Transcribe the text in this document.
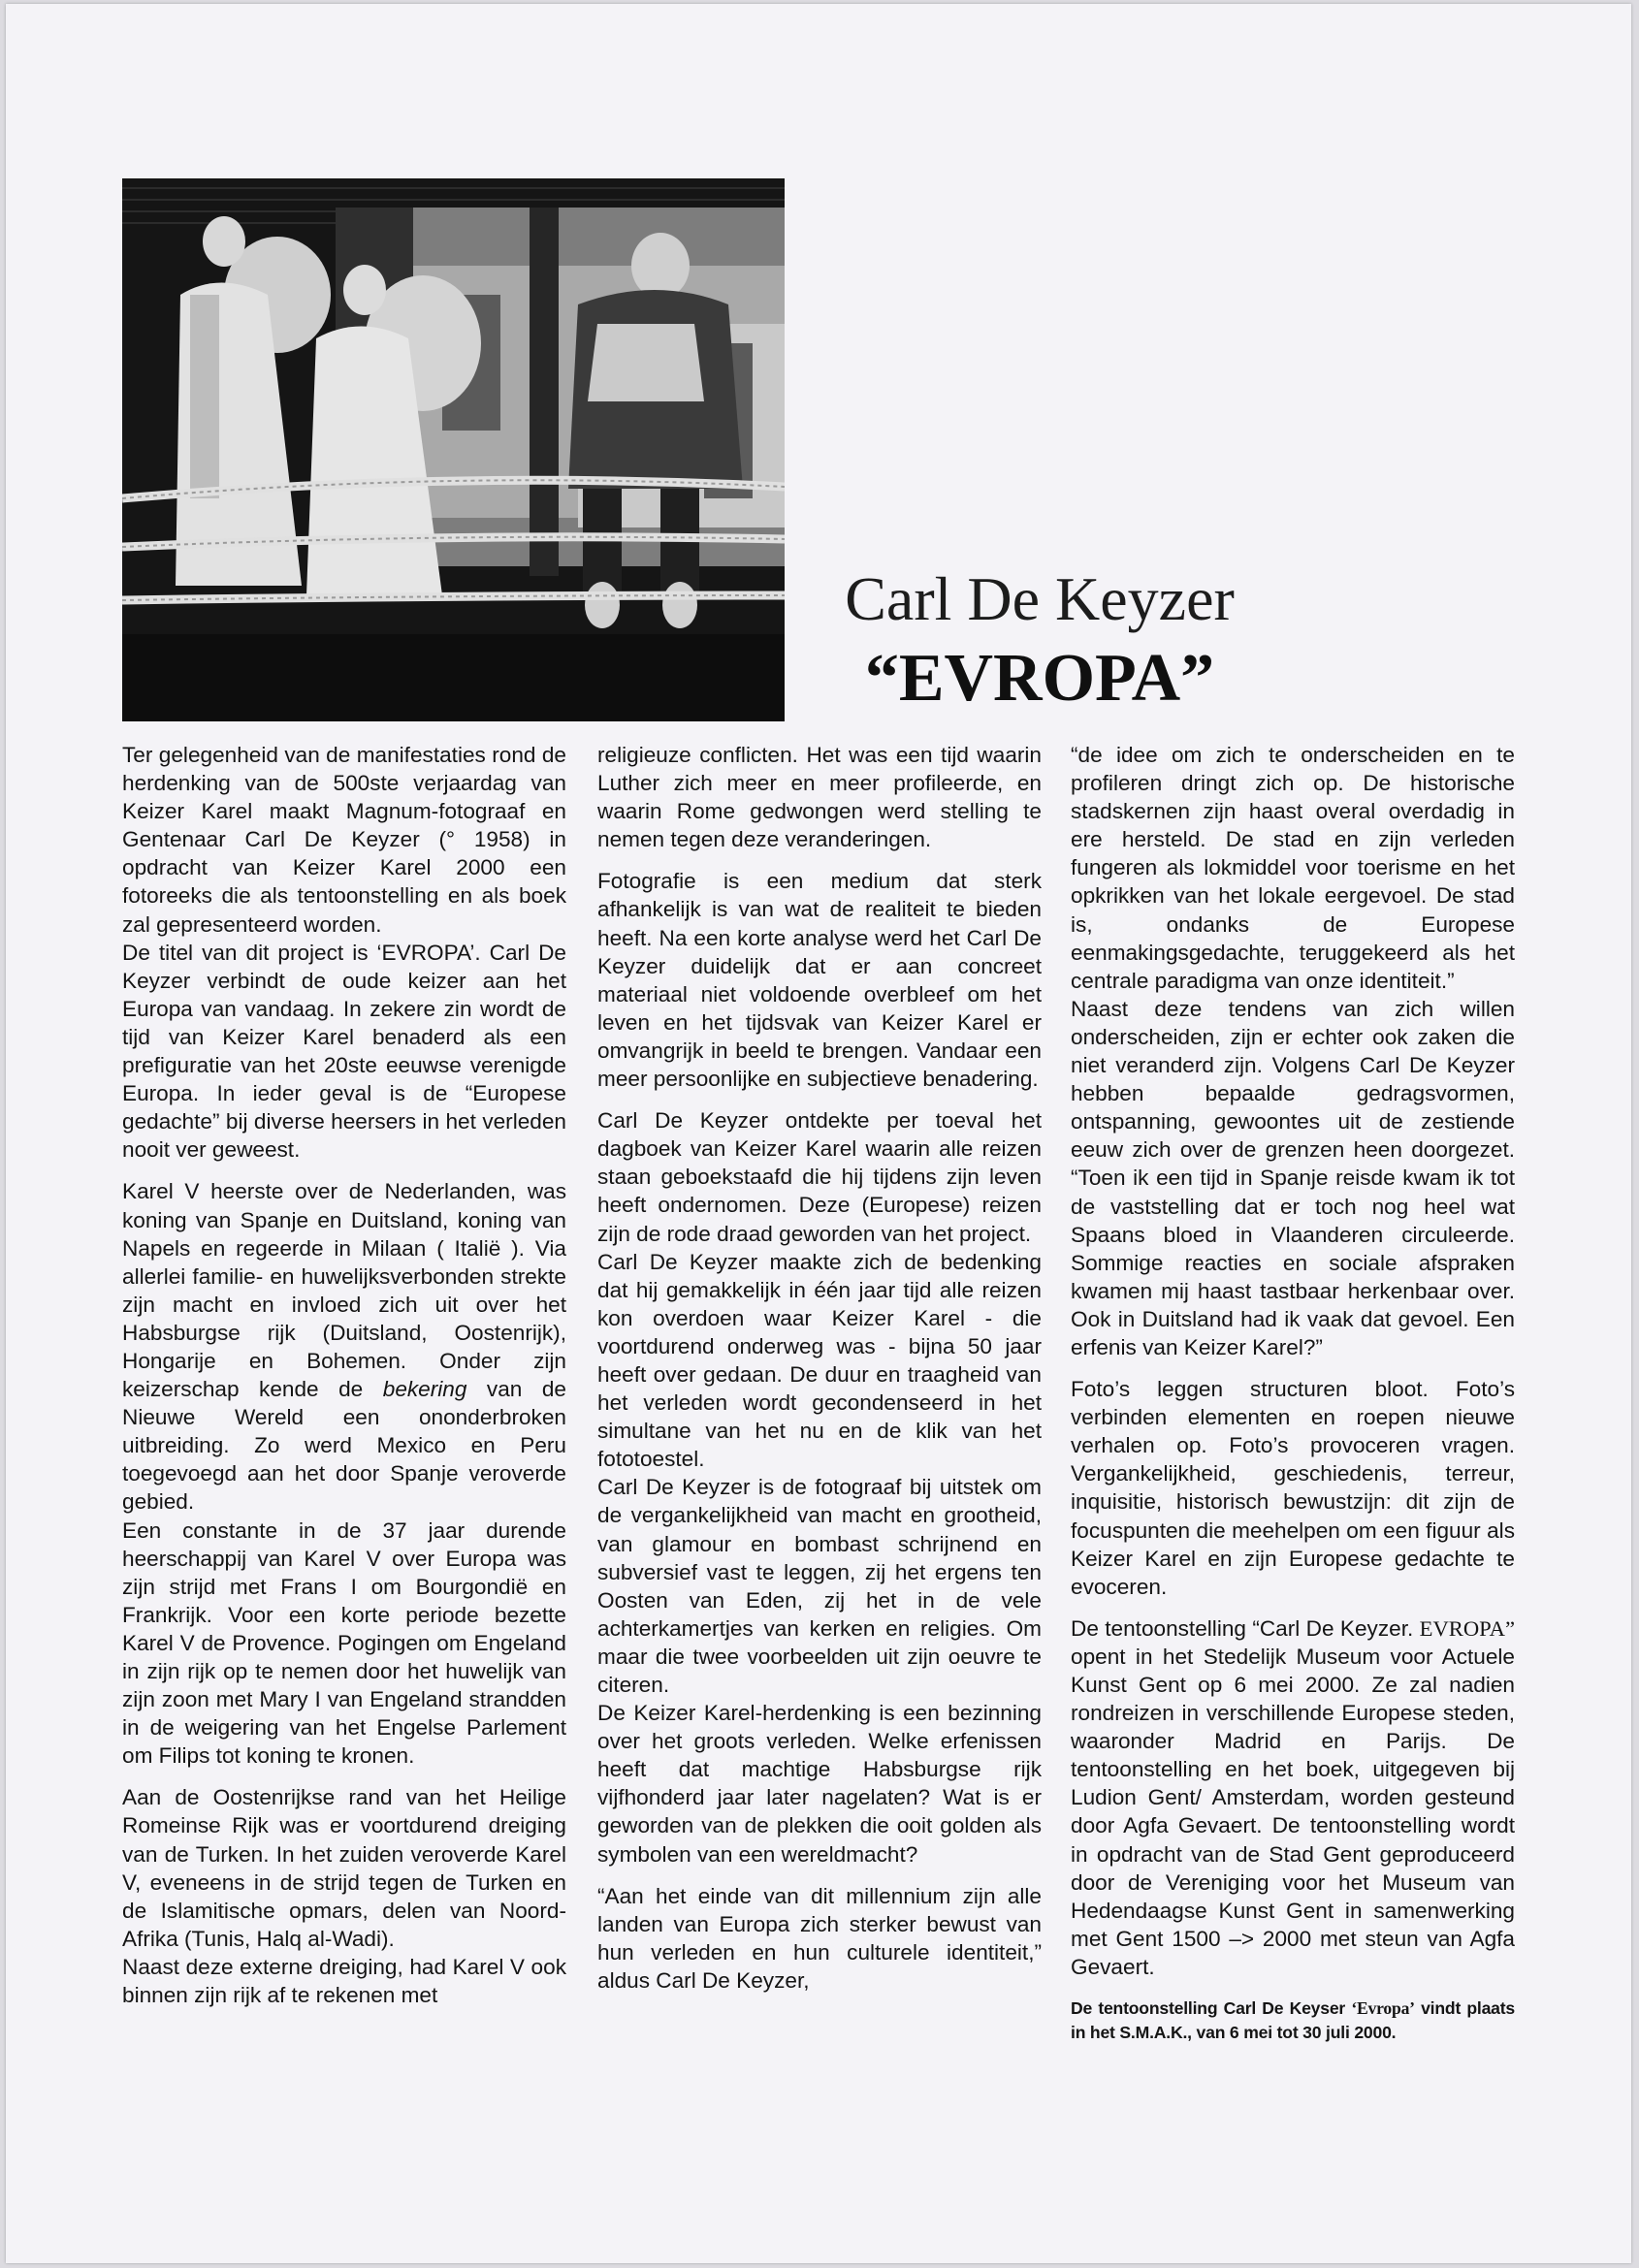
Carl De Keyzer
“EVROPA”

Ter gelegenheid van de manifestaties rond de herdenking van de 500ste verjaardag van Keizer Karel maakt Magnum-fotograaf en Gentenaar Carl De Keyzer (° 1958) in opdracht van Keizer Karel 2000 een fotoreeks die als tentoonstelling en als boek zal gepresenteerd worden.

De titel van dit project is ‘EVROPA’. Carl De Keyzer verbindt de oude keizer aan het Europa van vandaag. In zekere zin wordt de tijd van Keizer Karel benaderd als een prefiguratie van het 20ste eeuwse verenigde Europa. In ieder geval is de “Europese gedachte” bij diverse heersers in het verleden nooit ver geweest.

Karel V heerste over de Nederlanden, was koning van Spanje en Duitsland, koning van Napels en regeerde in Milaan ( Italië ). Via allerlei familie- en huwelijksverbonden strekte zijn macht en invloed zich uit over het Habsburgse rijk (Duitsland, Oostenrijk), Hongarije en Bohemen. Onder zijn keizerschap kende de bekering van de Nieuwe Wereld een ononderbroken uitbreiding. Zo werd Mexico en Peru toegevoegd aan het door Spanje veroverde gebied.

Een constante in de 37 jaar durende heerschappij van Karel V over Europa was zijn strijd met Frans I om Bourgondië en Frankrijk. Voor een korte periode bezette Karel V de Provence. Pogingen om Engeland in zijn rijk op te nemen door het huwelijk van zijn zoon met Mary I van Engeland strandden in de weigering van het Engelse Parlement om Filips tot koning te kronen.

Aan de Oostenrijkse rand van het Heilige Romeinse Rijk was er voortdurend dreiging van de Turken. In het zuiden veroverde Karel V, eveneens in de strijd tegen de Turken en de Islamitische opmars, delen van Noord-Afrika (Tunis, Halq al-Wadi).

Naast deze externe dreiging, had Karel V ook binnen zijn rijk af te rekenen met

religieuze conflicten. Het was een tijd waarin Luther zich meer en meer profileerde, en waarin Rome gedwongen werd stelling te nemen tegen deze veranderingen.

Fotografie is een medium dat sterk afhankelijk is van wat de realiteit te bieden heeft. Na een korte analyse werd het Carl De Keyzer duidelijk dat er aan concreet materiaal niet voldoende overbleef om het leven en het tijdsvak van Keizer Karel er omvangrijk in beeld te brengen. Vandaar een meer persoonlijke en subjectieve benadering.

Carl De Keyzer ontdekte per toeval het dagboek van Keizer Karel waarin alle reizen staan geboekstaafd die hij tijdens zijn leven heeft ondernomen. Deze (Europese) reizen zijn de rode draad geworden van het project.

Carl De Keyzer maakte zich de bedenking dat hij gemakkelijk in één jaar tijd alle reizen kon overdoen waar Keizer Karel - die voortdurend onderweg was - bijna 50 jaar heeft over gedaan. De duur en traagheid van het verleden wordt gecondenseerd in het simultane van het nu en de klik van het fototoestel.

Carl De Keyzer is de fotograaf bij uitstek om de vergankelijkheid van macht en grootheid, van glamour en bombast schrijnend en subversief vast te leggen, zij het ergens ten Oosten van Eden, zij het in de vele achterkamertjes van kerken en religies. Om maar die twee voorbeelden uit zijn oeuvre te citeren.

De Keizer Karel-herdenking is een bezinning over het groots verleden. Welke erfenissen heeft dat machtige Habsburgse rijk vijfhonderd jaar later nagelaten? Wat is er geworden van de plekken die ooit golden als symbolen van een wereldmacht?

“Aan het einde van dit millennium zijn alle landen van Europa zich sterker bewust van hun verleden en hun culturele identiteit,” aldus Carl De Keyzer,

“de idee om zich te onderscheiden en te profileren dringt zich op. De historische stadskernen zijn haast overal overdadig in ere hersteld. De stad en zijn verleden fungeren als lokmiddel voor toerisme en het opkrikken van het lokale eergevoel. De stad is, ondanks de Europese eenmakingsgedachte, teruggekeerd als het centrale paradigma van onze identiteit.”

Naast deze tendens van zich willen onderscheiden, zijn er echter ook zaken die niet veranderd zijn. Volgens Carl De Keyzer hebben bepaalde gedragsvormen, ontspanning, gewoontes uit de zestiende eeuw zich over de grenzen heen doorgezet. “Toen ik een tijd in Spanje reisde kwam ik tot de vaststelling dat er toch nog heel wat Spaans bloed in Vlaanderen circuleerde. Sommige reacties en sociale afspraken kwamen mij haast tastbaar herkenbaar over. Ook in Duitsland had ik vaak dat gevoel. Een erfenis van Keizer Karel?”

Foto’s leggen structuren bloot. Foto’s verbinden elementen en roepen nieuwe verhalen op. Foto’s provoceren vragen. Vergankelijkheid, geschiedenis, terreur, inquisitie, historisch bewustzijn: dit zijn de focuspunten die meehelpen om een figuur als Keizer Karel en zijn Europese gedachte te evoceren.

De tentoonstelling “Carl De Keyzer. EVROPA” opent in het Stedelijk Museum voor Actuele Kunst Gent op 6 mei 2000. Ze zal nadien rondreizen in verschillende Europese steden, waaronder Madrid en Parijs. De tentoonstelling en het boek, uitgegeven bij Ludion Gent/ Amsterdam, worden gesteund door Agfa Gevaert. De tentoonstelling wordt in opdracht van de Stad Gent geproduceerd door de Vereniging voor het Museum van Hedendaagse Kunst Gent in samenwerking met Gent 1500 –> 2000 met steun van Agfa Gevaert.

De tentoonstelling Carl De Keyser ‘Evropa’ vindt plaats in het S.M.A.K., van 6 mei tot 30 juli 2000.
